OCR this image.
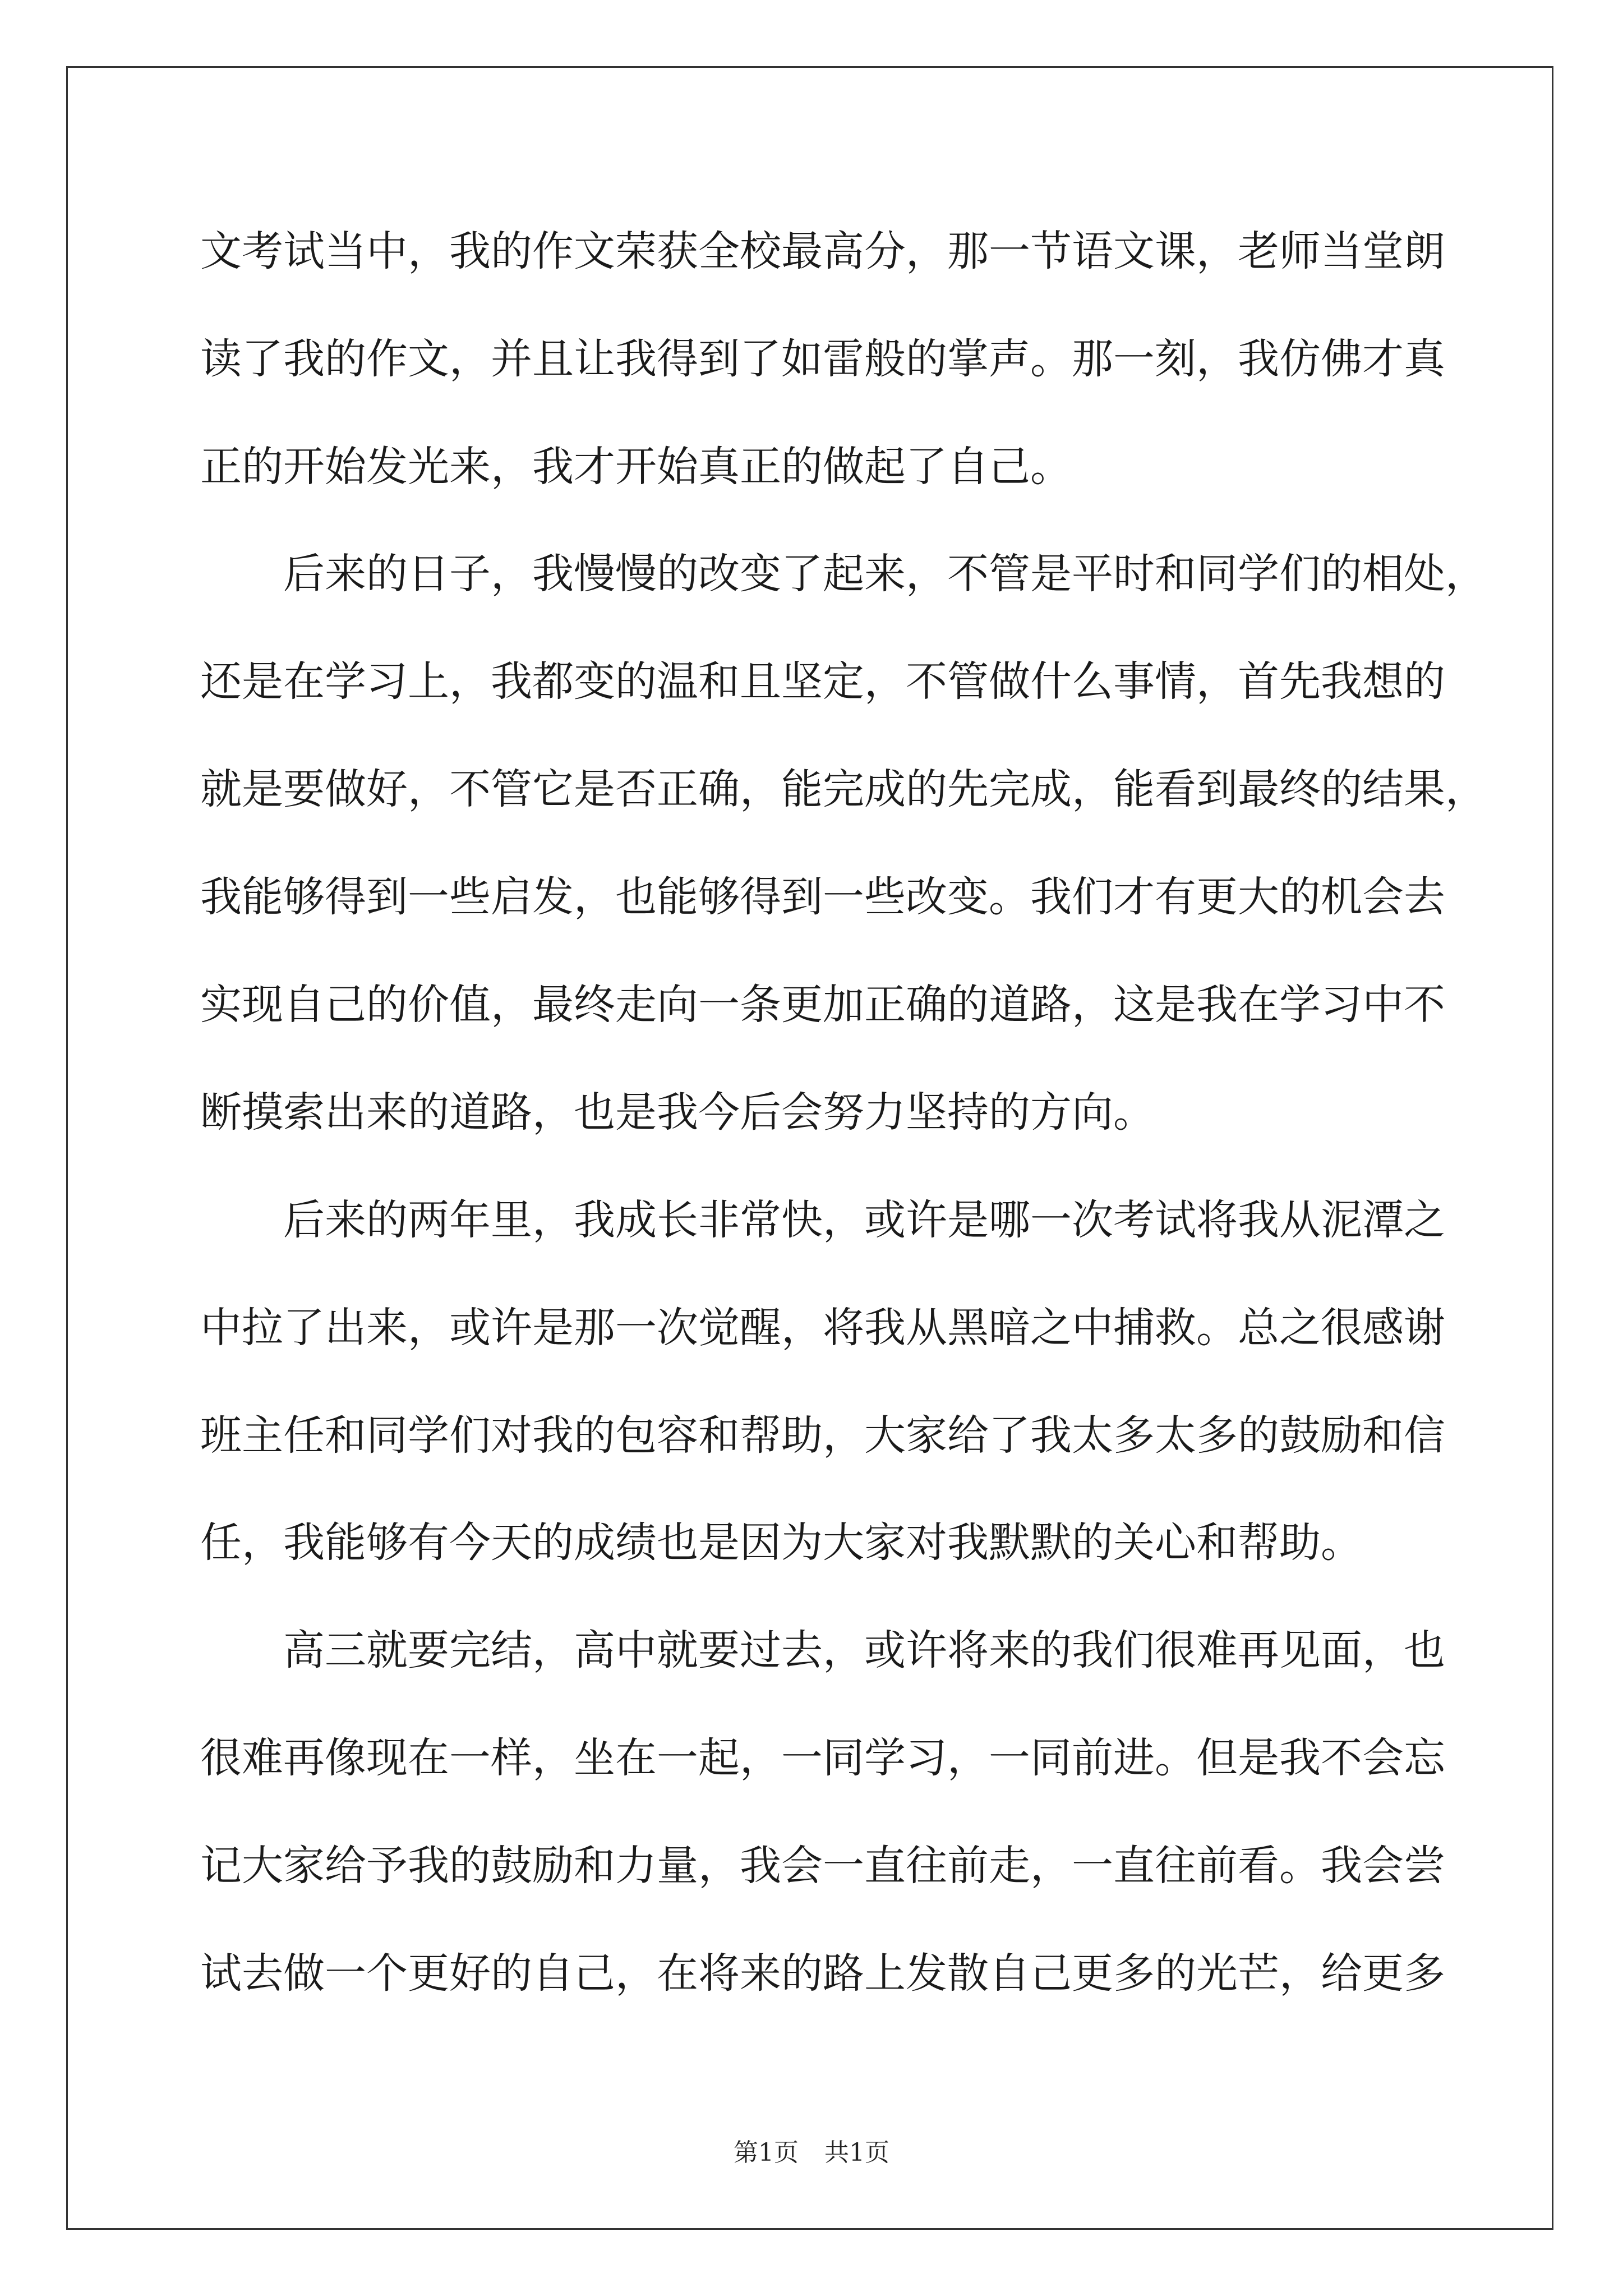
文考试当中，我的作文荣获全校最高分，那一节语文课，老师当堂朗
读了我的作文，并且让我得到了如雷般的掌声。那一刻，我仿佛才真
正的开始发光来，我才开始真正的做起了自己。
后来的日子，我慢慢的改变了起来，不管是平时和同学们的相处，
还是在学习上，我都变的温和且坚定，不管做什么事情，首先我想的
就是要做好，不管它是否正确，能完成的先完成，能看到最终的结果，
我能够得到一些启发，也能够得到一些改变。我们才有更大的机会去
实现自己的价值，最终走向一条更加正确的道路，这是我在学习中不
断摸索出来的道路，也是我今后会努力坚持的方向。
后来的两年里，我成长非常快，或许是哪一次考试将我从泥潭之
中拉了出来，或许是那一次觉醒，将我从黑暗之中捕救。总之很感谢
班主任和同学们对我的包容和帮助，大家给了我太多太多的鼓励和信
任，我能够有今天的成绩也是因为大家对我默默的关心和帮助。
高三就要完结，高中就要过去，或许将来的我们很难再见面，也
很难再像现在一样，坐在一起，一同学习，一同前进。但是我不会忘
记大家给予我的鼓励和力量，我会一直往前走，一直往前看。我会尝
试去做一个更好的自己，在将来的路上发散自己更多的光芒，给更多
第1页 共1页
